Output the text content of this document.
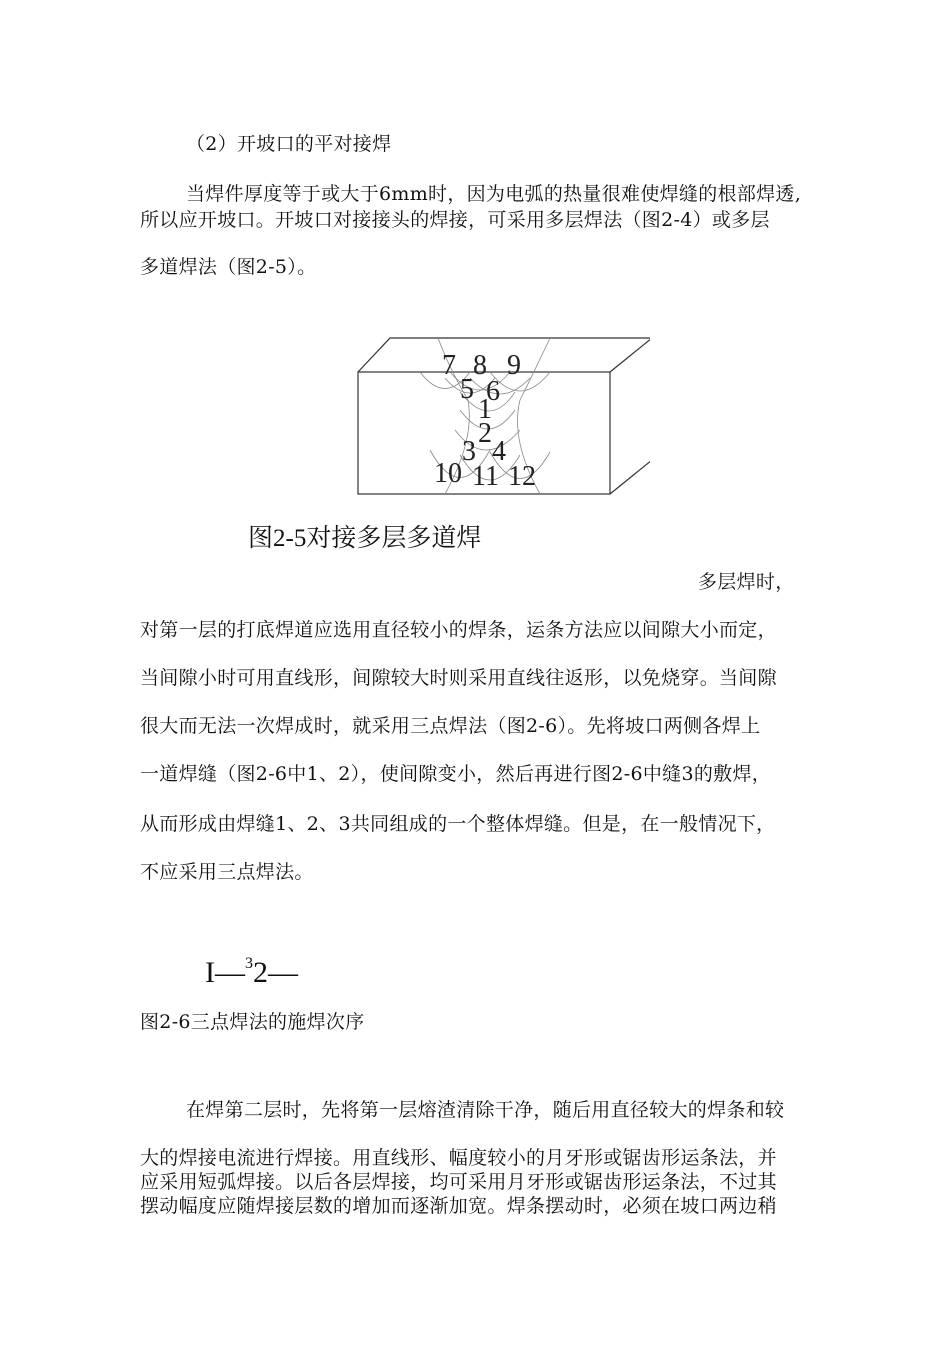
（2）开坡口的平对接焊
当焊件厚度等于或大于6mm时，因为电弧的热量很难使焊缝的根部焊透,
所以应开坡口。开坡口对接接头的焊接，可采用多层焊法（图2-4）或多层
多道焊法（图2-5）。
7 8 9
5 6
1
2
3 4
10 11 12
图2-5对接多层多道焊
多层焊时，
对第一层的打底焊道应选用直径较小的焊条，运条方法应以间隙大小而定，
当间隙小时可用直线形，间隙较大时则采用直线往返形，以免烧穿。当间隙
很大而无法一次焊成时，就采用三点焊法（图2-6）。先将坡口两侧各焊上
一道焊缝（图2-6中1、2），使间隙变小，然后再进行图2-6中缝3的敷焊，
从而形成由焊缝1、2、3共同组成的一个整体焊缝。但是，在一般情况下，
不应采用三点焊法。
I—$^3$2—
图2-6三点焊法的施焊次序
在焊第二层时，先将第一层熔渣清除干净，随后用直径较大的焊条和较
大的焊接电流进行焊接。用直线形、幅度较小的月牙形或锯齿形运条法，并
应采用短弧焊接。以后各层焊接，均可采用月牙形或锯齿形运条法，不过其
摆动幅度应随焊接层数的增加而逐渐加宽。焊条摆动时，必须在坡口两边稍
